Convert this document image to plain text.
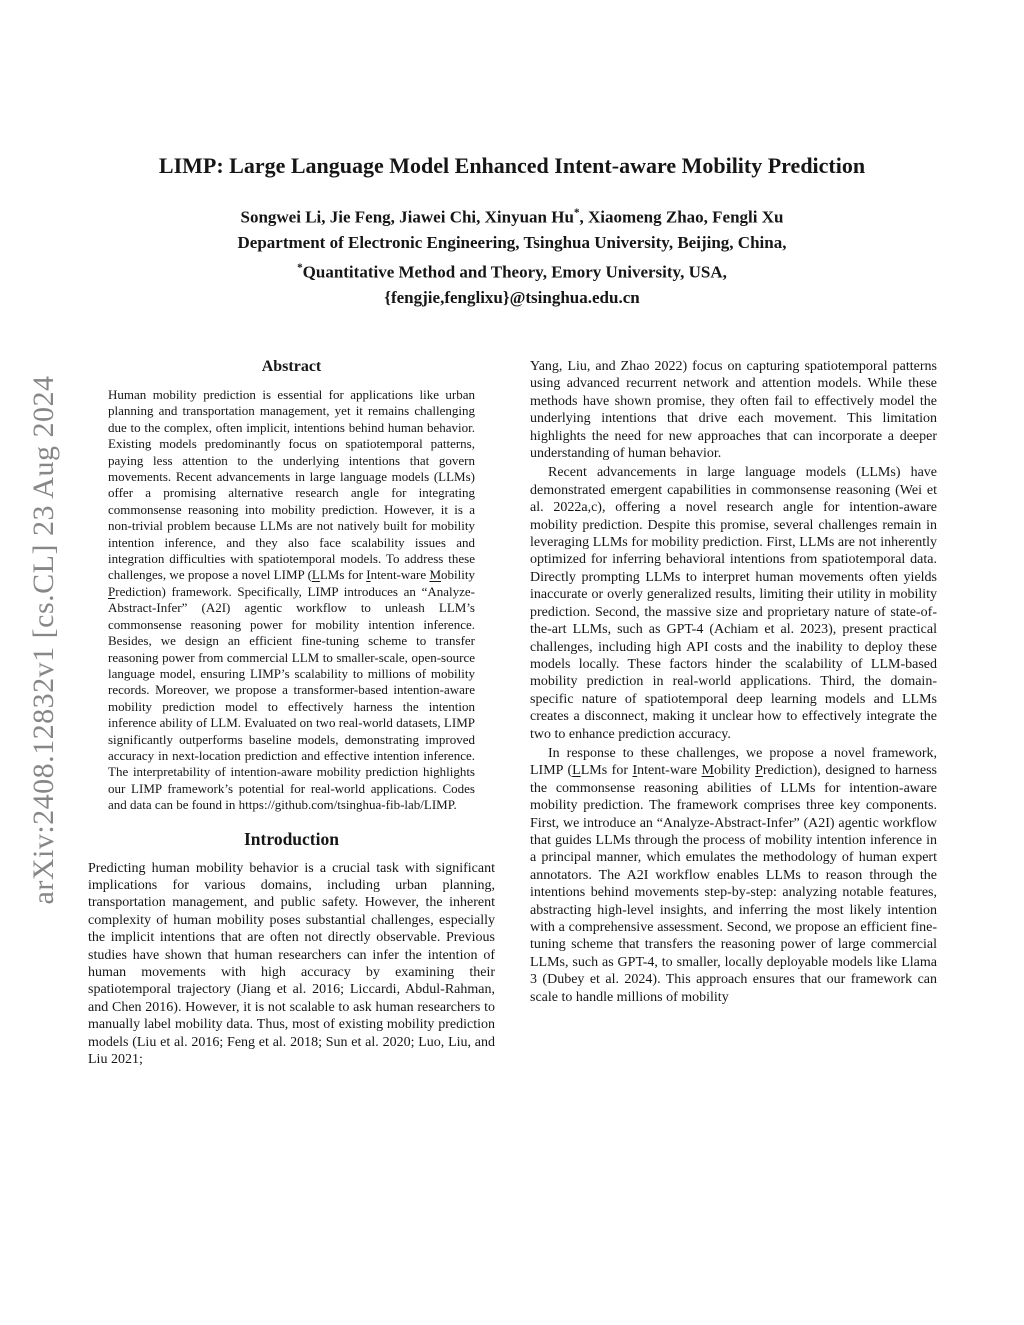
arXiv:2408.12832v1 [cs.CL] 23 Aug 2024
LIMP: Large Language Model Enhanced Intent-aware Mobility Prediction

Songwei Li, Jie Feng, Jiawei Chi, Xinyuan Hu*, Xiaomeng Zhao, Fengli Xu

Department of Electronic Engineering, Tsinghua University, Beijing, China,

*Quantitative Method and Theory, Emory University, USA,

{fengjie,fenglixu}@tsinghua.edu.cn

Abstract
Human mobility prediction is essential for applications like urban planning and transportation management, yet it remains challenging due to the complex, often implicit, intentions behind human behavior. Existing models predominantly focus on spatiotemporal patterns, paying less attention to the underlying intentions that govern movements. Recent advancements in large language models (LLMs) offer a promising alternative research angle for integrating commonsense reasoning into mobility prediction. However, it is a non-trivial problem because LLMs are not natively built for mobility intention inference, and they also face scalability issues and integration difficulties with spatiotemporal models. To address these challenges, we propose a novel LIMP (LLMs for Intent-ware Mobility Prediction) framework. Specifically, LIMP introduces an “Analyze-Abstract-Infer” (A2I) agentic workflow to unleash LLM’s commonsense reasoning power for mobility intention inference. Besides, we design an efficient fine-tuning scheme to transfer reasoning power from commercial LLM to smaller-scale, open-source language model, ensuring LIMP’s scalability to millions of mobility records. Moreover, we propose a transformer-based intention-aware mobility prediction model to effectively harness the intention inference ability of LLM. Evaluated on two real-world datasets, LIMP significantly outperforms baseline models, demonstrating improved accuracy in next-location prediction and effective intention inference. The interpretability of intention-aware mobility prediction highlights our LIMP framework’s potential for real-world applications. Codes and data can be found in https://github.com/tsinghua-fib-lab/LIMP.
Introduction

Predicting human mobility behavior is a crucial task with significant implications for various domains, including urban planning, transportation management, and public safety. However, the inherent complexity of human mobility poses substantial challenges, especially the implicit intentions that are often not directly observable. Previous studies have shown that human researchers can infer the intention of human movements with high accuracy by examining their spatiotemporal trajectory (Jiang et al. 2016; Liccardi, Abdul-Rahman, and Chen 2016). However, it is not scalable to ask human researchers to manually label mobility data. Thus, most of existing mobility prediction models (Liu et al. 2016; Feng et al. 2018; Sun et al. 2020; Luo, Liu, and Liu 2021;

Yang, Liu, and Zhao 2022) focus on capturing spatiotemporal patterns using advanced recurrent network and attention models. While these methods have shown promise, they often fail to effectively model the underlying intentions that drive each movement. This limitation highlights the need for new approaches that can incorporate a deeper understanding of human behavior.

Recent advancements in large language models (LLMs) have demonstrated emergent capabilities in commonsense reasoning (Wei et al. 2022a,c), offering a novel research angle for intention-aware mobility prediction. Despite this promise, several challenges remain in leveraging LLMs for mobility prediction. First, LLMs are not inherently optimized for inferring behavioral intentions from spatiotemporal data. Directly prompting LLMs to interpret human movements often yields inaccurate or overly generalized results, limiting their utility in mobility prediction. Second, the massive size and proprietary nature of state-of-the-art LLMs, such as GPT-4 (Achiam et al. 2023), present practical challenges, including high API costs and the inability to deploy these models locally. These factors hinder the scalability of LLM-based mobility prediction in real-world applications. Third, the domain-specific nature of spatiotemporal deep learning models and LLMs creates a disconnect, making it unclear how to effectively integrate the two to enhance prediction accuracy.

In response to these challenges, we propose a novel framework, LIMP (LLMs for Intent-ware Mobility Prediction), designed to harness the commonsense reasoning abilities of LLMs for intention-aware mobility prediction. The framework comprises three key components. First, we introduce an “Analyze-Abstract-Infer” (A2I) agentic workflow that guides LLMs through the process of mobility intention inference in a principal manner, which emulates the methodology of human expert annotators. The A2I workflow enables LLMs to reason through the intentions behind movements step-by-step: analyzing notable features, abstracting high-level insights, and inferring the most likely intention with a comprehensive assessment. Second, we propose an efficient fine-tuning scheme that transfers the reasoning power of large commercial LLMs, such as GPT-4, to smaller, locally deployable models like Llama 3 (Dubey et al. 2024). This approach ensures that our framework can scale to handle millions of mobility
